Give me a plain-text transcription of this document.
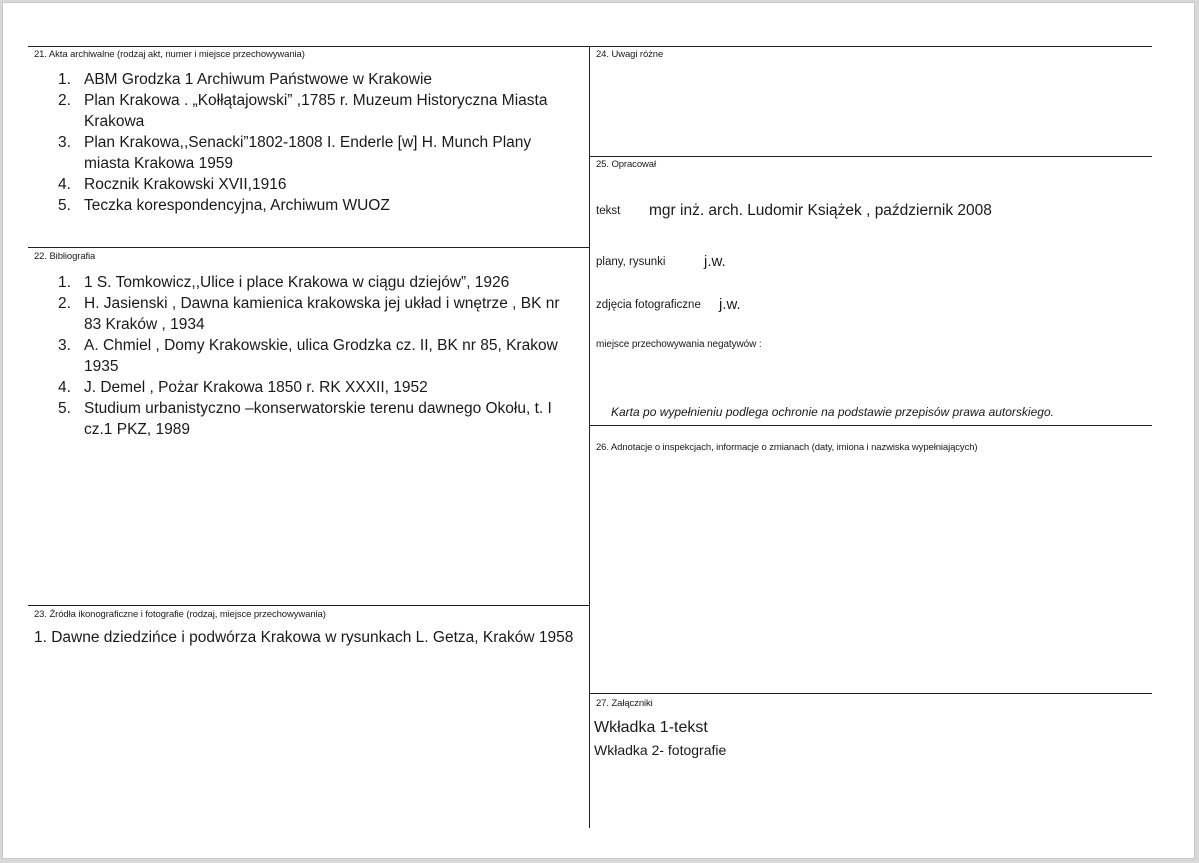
21. Akta archiwalne (rodzaj akt, numer i miejsce przechowywania)
1. ABM Grodzka 1 Archiwum Państwowe w Krakowie
2. Plan Krakowa . „Kołłątajowski” ,1785 r. Muzeum Historyczna Miasta Krakowa
3. Plan Krakowa,,Senacki”1802-1808 I. Enderle [w] H. Munch Plany miasta Krakowa 1959
4. Rocznik Krakowski XVII,1916
5. Teczka korespondencyjna, Archiwum WUOZ
22. Bibliografia
1. 1 S. Tomkowicz,,Ulice i place Krakowa w ciągu dziejów”, 1926
2. H. Jasienski , Dawna kamienica krakowska jej układ i wnętrze , BK nr 83 Kraków , 1934
3. A. Chmiel , Domy Krakowskie, ulica Grodzka cz. II, BK nr 85, Krakow 1935
4. J. Demel , Pożar Krakowa 1850 r. RK XXXII, 1952
5. Studium urbanistyczno –konserwatorskie terenu dawnego Okołu, t. I cz.1 PKZ, 1989
23. Źródła ikonograficzne i fotografie (rodzaj, miejsce przechowywania)
1. Dawne dziedzińce i podwórza Krakowa w rysunkach L. Getza, Kraków 1958
24. Uwagi różne
25. Opracował
tekst mgr inż. arch. Ludomir Książek , październik 2008
plany, rysunki	j.w.
zdjęcia fotograficzne j.w.
miejsce przechowywania negatywów :
Karta po wypełnieniu podlega ochronie na podstawie przepisów prawa autorskiego.
26. Adnotacje o inspekcjach, informacje o zmianach (daty, imiona i nazwiska wypełniających)
27. Załączniki
Wkładka 1-tekst
Wkładka 2- fotografie
